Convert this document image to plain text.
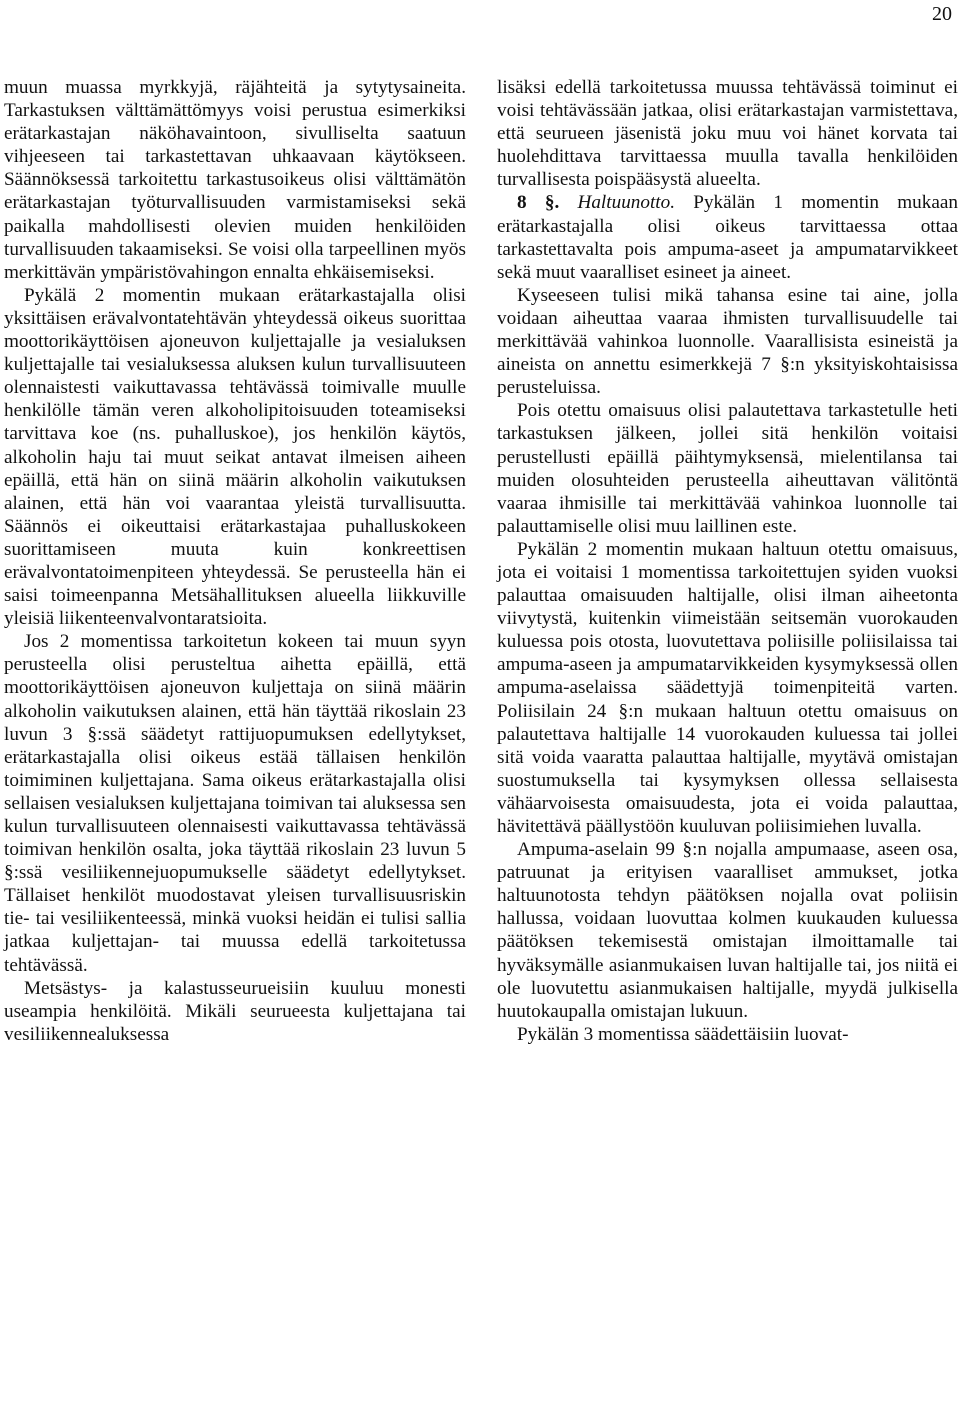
20

muun muassa myrkkyjä, räjähteitä ja sytytysaineita. Tarkastuksen välttämättömyys voisi perustua esimerkiksi erätarkastajan näköhavaintoon, sivulliselta saatuun vihjeeseen tai tarkastettavan uhkaavaan käytökseen. Säännöksessä tarkoitettu tarkastusoikeus olisi välttämätön erätarkastajan työturvallisuuden varmistamiseksi sekä paikalla mahdollisesti olevien muiden henkilöiden turvallisuuden takaamiseksi. Se voisi olla tarpeellinen myös merkittävän ympäristövahingon ennalta ehkäisemiseksi.

Pykälä 2 momentin mukaan erätarkastajalla olisi yksittäisen erävalvontatehtävän yhteydessä oikeus suorittaa moottorikäyttöisen ajoneuvon kuljettajalle ja vesialuksen kuljettajalle tai vesialuksessa aluksen kulun turvallisuuteen olennaistesti vaikuttavassa tehtävässä toimivalle muulle henkilölle tämän veren alkoholipitoisuuden toteamiseksi tarvittava koe (ns. puhalluskoe), jos henkilön käytös, alkoholin haju tai muut seikat antavat ilmeisen aiheen epäillä, että hän on siinä määrin alkoholin vaikutuksen alainen, että hän voi vaarantaa yleistä turvallisuutta. Säännös ei oikeuttaisi erätarkastajaa puhalluskokeen suorittamiseen muuta kuin konkreettisen erävalvontatoimenpiteen yhteydessä. Se perusteella hän ei saisi toimeenpanna Metsähallituksen alueella liikkuville yleisiä liikenteenvalvontaratsioita.

Jos 2 momentissa tarkoitetun kokeen tai muun syyn perusteella olisi perusteltua aihetta epäillä, että moottorikäyttöisen ajoneuvon kuljettaja on siinä määrin alkoholin vaikutuksen alainen, että hän täyttää rikoslain 23 luvun 3 §:ssä säädetyt rattijuopumuksen edellytykset, erätarkastajalla olisi oikeus estää tällaisen henkilön toimiminen kuljettajana. Sama oikeus erätarkastajalla olisi sellaisen vesialuksen kuljettajana toimivan tai aluksessa sen kulun turvallisuuteen olennaisesti vaikuttavassa tehtävässä toimivan henkilön osalta, joka täyttää rikoslain 23 luvun 5 §:ssä vesiliikennejuopumukselle säädetyt edellytykset. Tällaiset henkilöt muodostavat yleisen turvallisuusriskin tie- tai vesiliikenteessä, minkä vuoksi heidän ei tulisi sallia jatkaa kuljettajan- tai muussa edellä tarkoitetussa tehtävässä.

Metsästys- ja kalastusseurueisiin kuuluu monesti useampia henkilöitä. Mikäli seurueesta kuljettajana tai vesiliikennealuksessa

lisäksi edellä tarkoitetussa muussa tehtävässä toiminut ei voisi tehtävässään jatkaa, olisi erätarkastajan varmistettava, että seurueen jäsenistä joku muu voi hänet korvata tai huolehdittava tarvittaessa muulla tavalla henkilöiden turvallisesta poispääsystä alueelta.

8 §. Haltuunotto. Pykälän 1 momentin mukaan erätarkastajalla olisi oikeus tarvittaessa ottaa tarkastettavalta pois ampuma-aseet ja ampumatarvikkeet sekä muut vaaralliset esineet ja aineet.

Kyseeseen tulisi mikä tahansa esine tai aine, jolla voidaan aiheuttaa vaaraa ihmisten turvallisuudelle tai merkittävää vahinkoa luonnolle. Vaarallisista esineistä ja aineista on annettu esimerkkejä 7 §:n yksityiskohtaisissa perusteluissa.

Pois otettu omaisuus olisi palautettava tarkastetulle heti tarkastuksen jälkeen, jollei sitä henkilön voitaisi perustellusti epäillä päihtymyksensä, mielentilansa tai muiden olosuhteiden perusteella aiheuttavan välitöntä vaaraa ihmisille tai merkittävää vahinkoa luonnolle tai palauttamiselle olisi muu laillinen este.

Pykälän 2 momentin mukaan haltuun otettu omaisuus, jota ei voitaisi 1 momentissa tarkoitettujen syiden vuoksi palauttaa omaisuuden haltijalle, olisi ilman aiheetonta viivytystä, kuitenkin viimeistään seitsemän vuorokauden kuluessa pois otosta, luovutettava poliisille poliisilaissa tai ampuma-aseen ja ampumatarvikkeiden kysymyksessä ollen ampuma-aselaissa säädettyjä toimenpiteitä varten. Poliisilain 24 §:n mukaan haltuun otettu omaisuus on palautettava haltijalle 14 vuorokauden kuluessa tai jollei sitä voida vaaratta palauttaa haltijalle, myytävä omistajan suostumuksella tai kysymyksen ollessa sellaisesta vähäarvoisesta omaisuudesta, jota ei voida palauttaa, hävitettävä päällystöön kuuluvan poliisimiehen luvalla.

Ampuma-aselain 99 §:n nojalla ampumaase, aseen osa, patruunat ja erityisen vaaralliset ammukset, jotka haltuunotosta tehdyn päätöksen nojalla ovat poliisin hallussa, voidaan luovuttaa kolmen kuukauden kuluessa päätöksen tekemisestä omistajan ilmoittamalle tai hyväksymälle asianmukaisen luvan haltijalle tai, jos niitä ei ole luovutettu asianmukaisen haltijalle, myydä julkisella huutokaupalla omistajan lukuun.

Pykälän 3 momentissa säädettäisiin luovat-
